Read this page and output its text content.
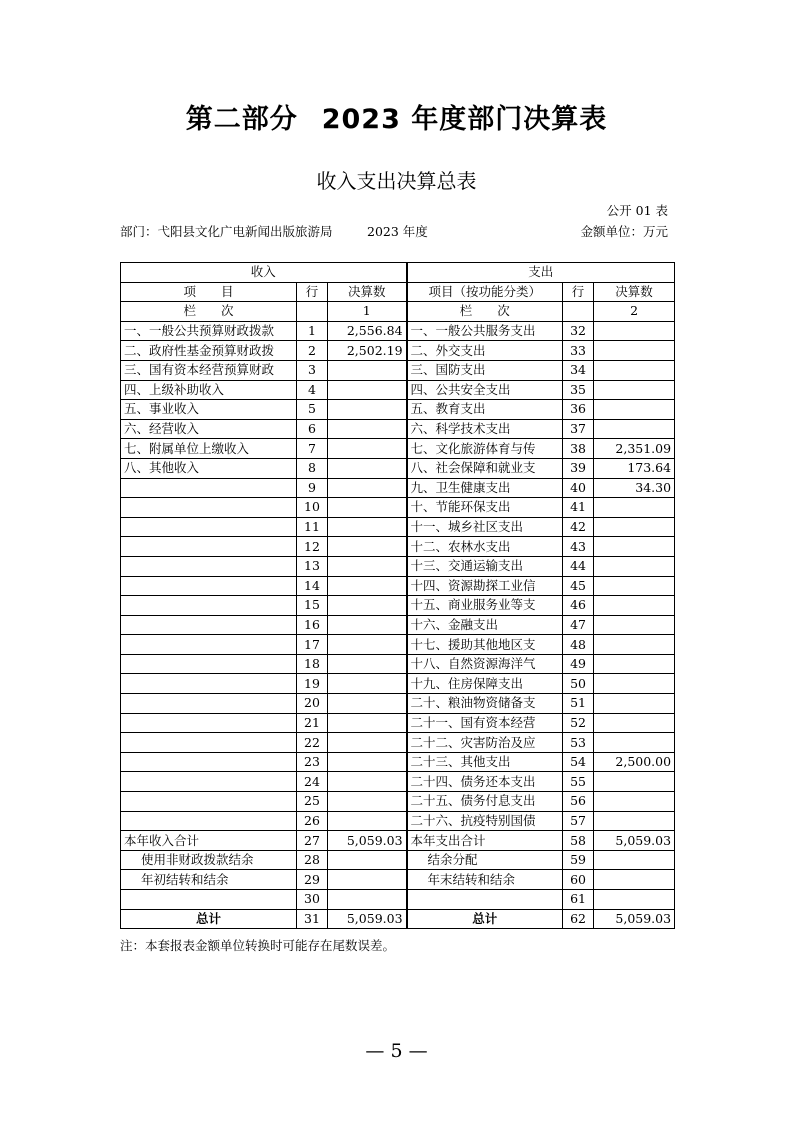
第二部分 2023 年度部门决算表
收入支出决算总表
公开 01 表
部门：弋阳县文化广电新闻出版旅游局	2023 年度	金额单位：万元
收入			支出		
项　　目	行	决算数	项目（按功能分类）	行	决算数
栏　　次		1	栏　　次		2
一、一般公共预算财政拨款	1	2,556.84	一、一般公共服务支出	32	
二、政府性基金预算财政拨	2	2,502.19	二、外交支出	33	
三、国有资本经营预算财政	3		三、国防支出	34	
四、上级补助收入	4		四、公共安全支出	35	
五、事业收入	5		五、教育支出	36	
六、经营收入	6		六、科学技术支出	37	
七、附属单位上缴收入	7		七、文化旅游体育与传	38	2,351.09
八、其他收入	8		八、社会保障和就业支	39	173.64
	9		九、卫生健康支出	40	34.30
	10		十、节能环保支出	41	
	11		十一、城乡社区支出	42	
	12		十二、农林水支出	43	
	13		十三、交通运输支出	44	
	14		十四、资源勘探工业信	45	
	15		十五、商业服务业等支	46	
	16		十六、金融支出	47	
	17		十七、援助其他地区支	48	
	18		十八、自然资源海洋气	49	
	19		十九、住房保障支出	50	
	20		二十、粮油物资储备支	51	
	21		二十一、国有资本经营	52	
	22		二十二、灾害防治及应	53	
	23		二十三、其他支出	54	2,500.00
	24		二十四、债务还本支出	55	
	25		二十五、债务付息支出	56	
	26		二十六、抗疫特别国债	57	
本年收入合计	27	5,059.03	本年支出合计	58	5,059.03
使用非财政拨款结余	28		结余分配	59	
年初结转和结余	29		年末结转和结余	60	
	30			61	
总计	31	5,059.03	总计	62	5,059.03
注：本套报表金额单位转换时可能存在尾数误差。
— 5 —
